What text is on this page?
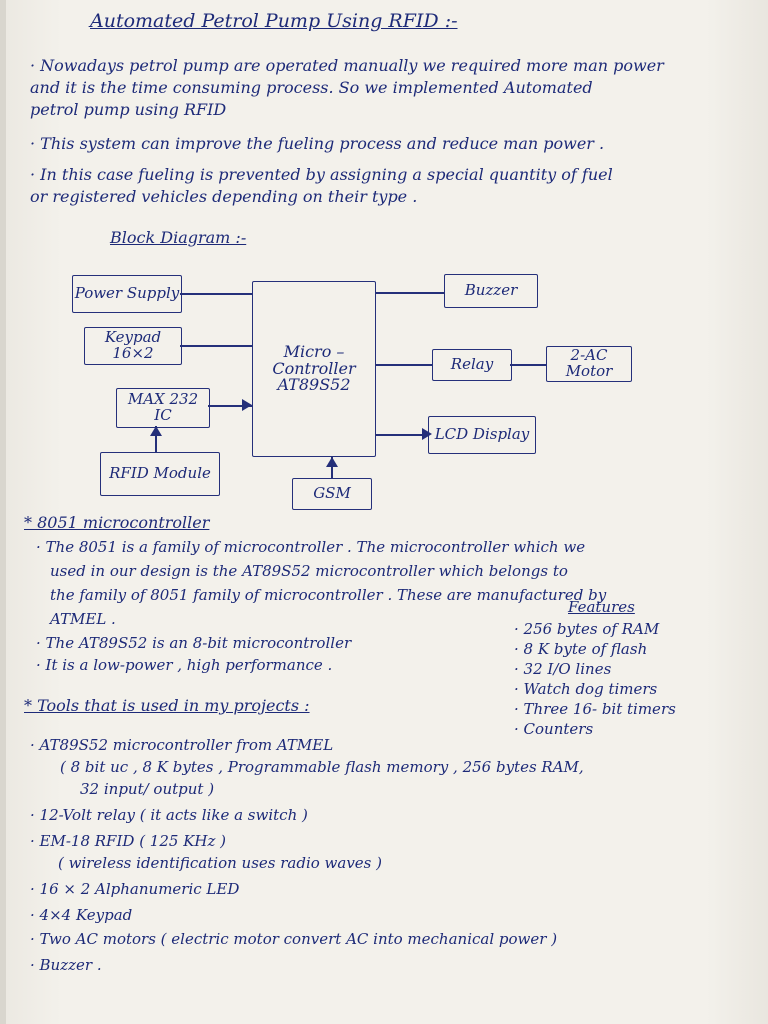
Automated Petrol Pump Using RFID :-
· Nowadays petrol pump are operated manually we required more man power
and it is the time consuming process. So we implemented Automated
petrol pump using RFID
· This system can improve the fueling process and reduce man power .
· In this case fueling is prevented by assigning a special quantity of fuel
or registered vehicles depending on their type .
Block Diagram :-
Power Supply
Keypad 16×2
MAX 232 IC
RFID Module
Micro – Controller AT89S52
Buzzer
Relay	2-AC Motor
LCD Display
GSM
* 8051 microcontroller
· The 8051 is a family of microcontroller . The microcontroller which we
used in our design is the AT89S52 microcontroller which belongs to
the family of 8051 family of microcontroller . These are manufactured by
ATMEL .
· The AT89S52 is an 8-bit microcontroller
· It is a low-power , high performance .
Features
· 256 bytes of RAM
· 8 K byte of flash
· 32 I/O lines
· Watch dog timers
· Three 16- bit timers
· Counters
* Tools that is used in my projects :
· AT89S52 microcontroller from ATMEL
( 8 bit uc , 8 K bytes , Programmable flash memory , 256 bytes RAM,
32 input/ output )
· 12-Volt relay ( it acts like a switch )
· EM-18 RFID ( 125 KHz )
( wireless identification uses radio waves )
· 16 × 2 Alphanumeric LED
· 4×4 Keypad
· Two AC motors ( electric motor convert AC into mechanical power )
· Buzzer .
